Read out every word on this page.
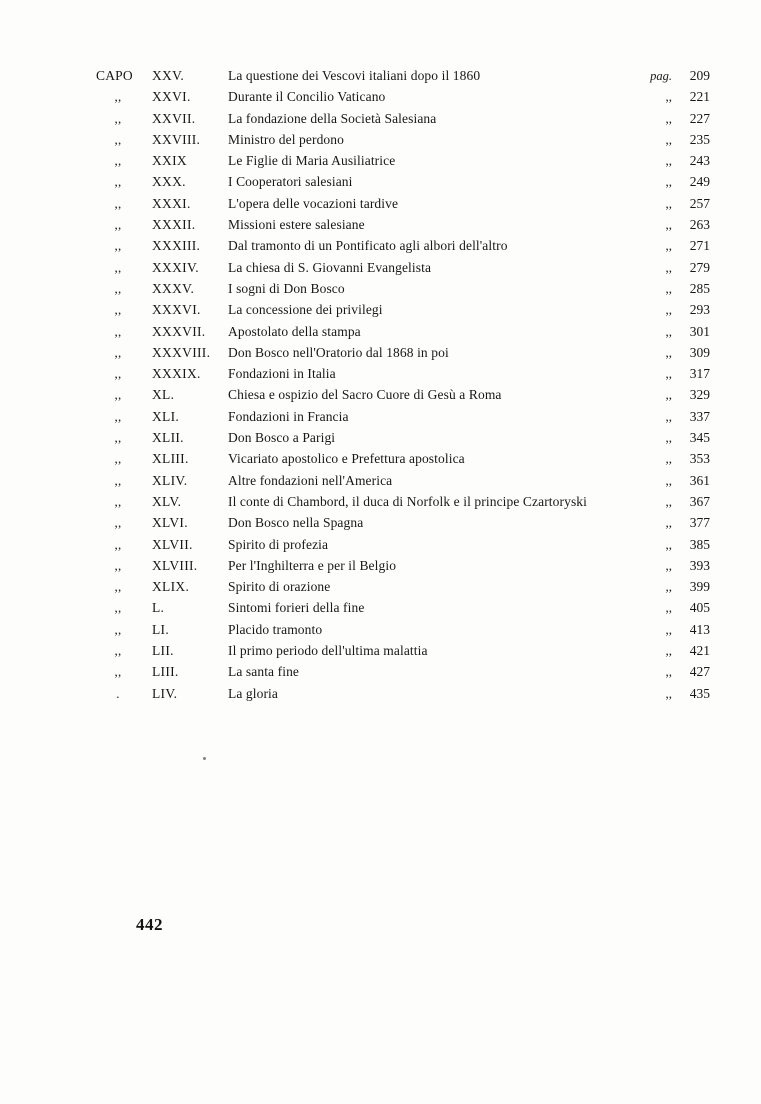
CAPO	XXV.	La questione dei Vescovi italiani dopo il 1860	pag.	209
,,	XXVI.	Durante il Concilio Vaticano	,,	221
,,	XXVII.	La fondazione della Società Salesiana	,,	227
,,	XXVIII.	Ministro del perdono	,,	235
,,	XXIX	Le Figlie di Maria Ausiliatrice	,,	243
,,	XXX.	I Cooperatori salesiani	,,	249
,,	XXXI.	L'opera delle vocazioni tardive	,,	257
,,	XXXII.	Missioni estere salesiane	,,	263
,,	XXXIII.	Dal tramonto di un Pontificato agli albori dell'altro	,,	271
,,	XXXIV.	La chiesa di S. Giovanni Evangelista	,,	279
,,	XXXV.	I sogni di Don Bosco	,,	285
,,	XXXVI.	La concessione dei privilegi	,,	293
,,	XXXVII.	Apostolato della stampa	,,	301
,,	XXXVIII.	Don Bosco nell'Oratorio dal 1868 in poi	,,	309
,,	XXXIX.	Fondazioni in Italia	,,	317
,,	XL.	Chiesa e ospizio del Sacro Cuore di Gesù a Roma	,,	329
,,	XLI.	Fondazioni in Francia	,,	337
,,	XLII.	Don Bosco a Parigi	,,	345
,,	XLIII.	Vicariato apostolico e Prefettura apostolica	,,	353
,,	XLIV.	Altre fondazioni nell'America	,,	361
,,	XLV.	Il conte di Chambord, il duca di Norfolk e il principe Czartoryski	,,	367
,,	XLVI.	Don Bosco nella Spagna	,,	377
,,	XLVII.	Spirito di profezia	,,	385
,,	XLVIII.	Per l'Inghilterra e per il Belgio	,,	393
,,	XLIX.	Spirito di orazione	,,	399
,,	L.	Sintomi forieri della fine	,,	405
,,	LI.	Placido tramonto	,,	413
,,	LII.	Il primo periodo dell'ultima malattia	,,	421
,,	LIII.	La santa fine	,,	427
.	LIV.	La gloria	,,	435
442
